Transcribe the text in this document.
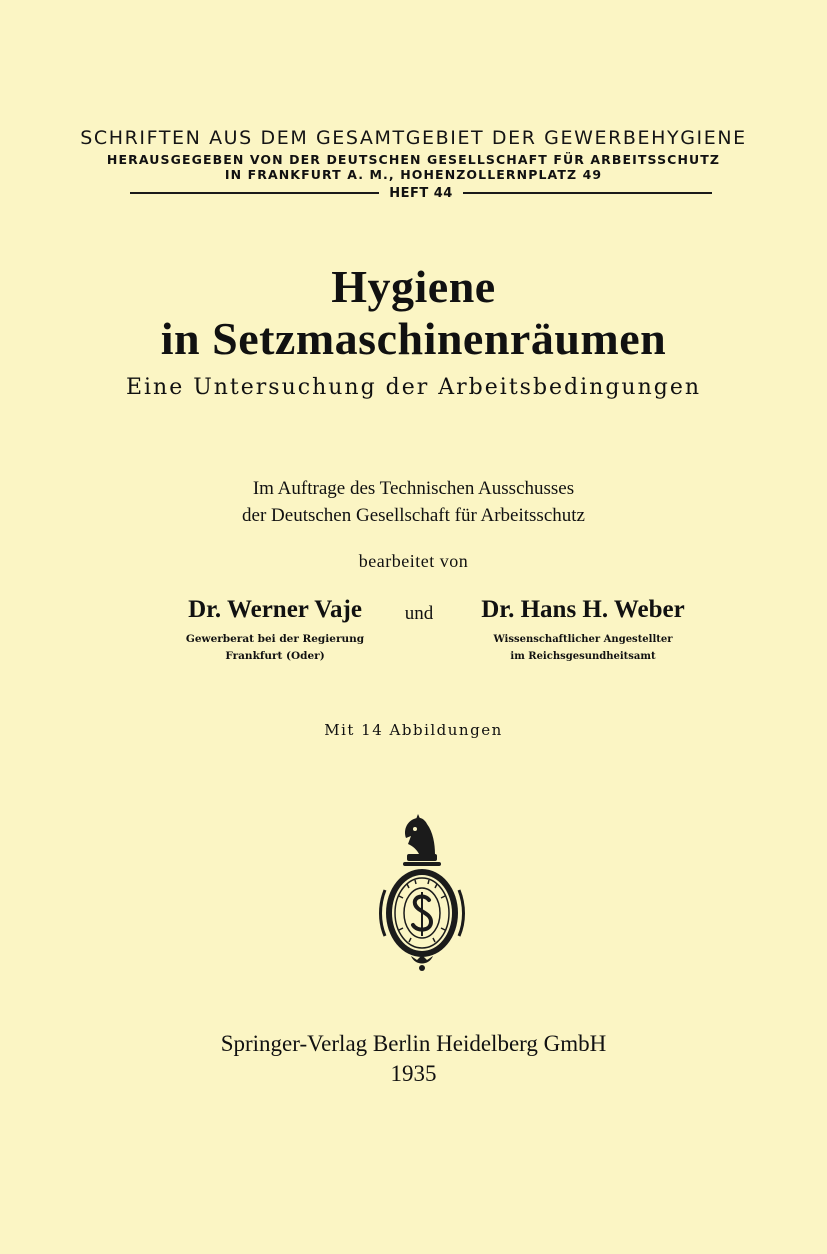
SCHRIFTEN AUS DEM GESAMTGEBIET DER GEWERBEHYGIENE
HERAUSGEGEBEN VON DER DEUTSCHEN GESELLSCHAFT FÜR ARBEITSSCHUTZ
IN FRANKFURT A. M., HOHENZOLLERNPLATZ 49
HEFT 44
Hygiene
in Setzmaschinenräumen
Eine Untersuchung der Arbeitsbedingungen
Im Auftrage des Technischen Ausschusses
der Deutschen Gesellschaft für Arbeitsschutz
bearbeitet von
Dr. Werner Vaje
Gewerberat bei der Regierung
Frankfurt (Oder)
und	Dr. Hans H. Weber
Wissenschaftlicher Angestellter
im Reichsgesundheitsamt
Mit 14 Abbildungen
Springer-Verlag Berlin Heidelberg GmbH
1935
